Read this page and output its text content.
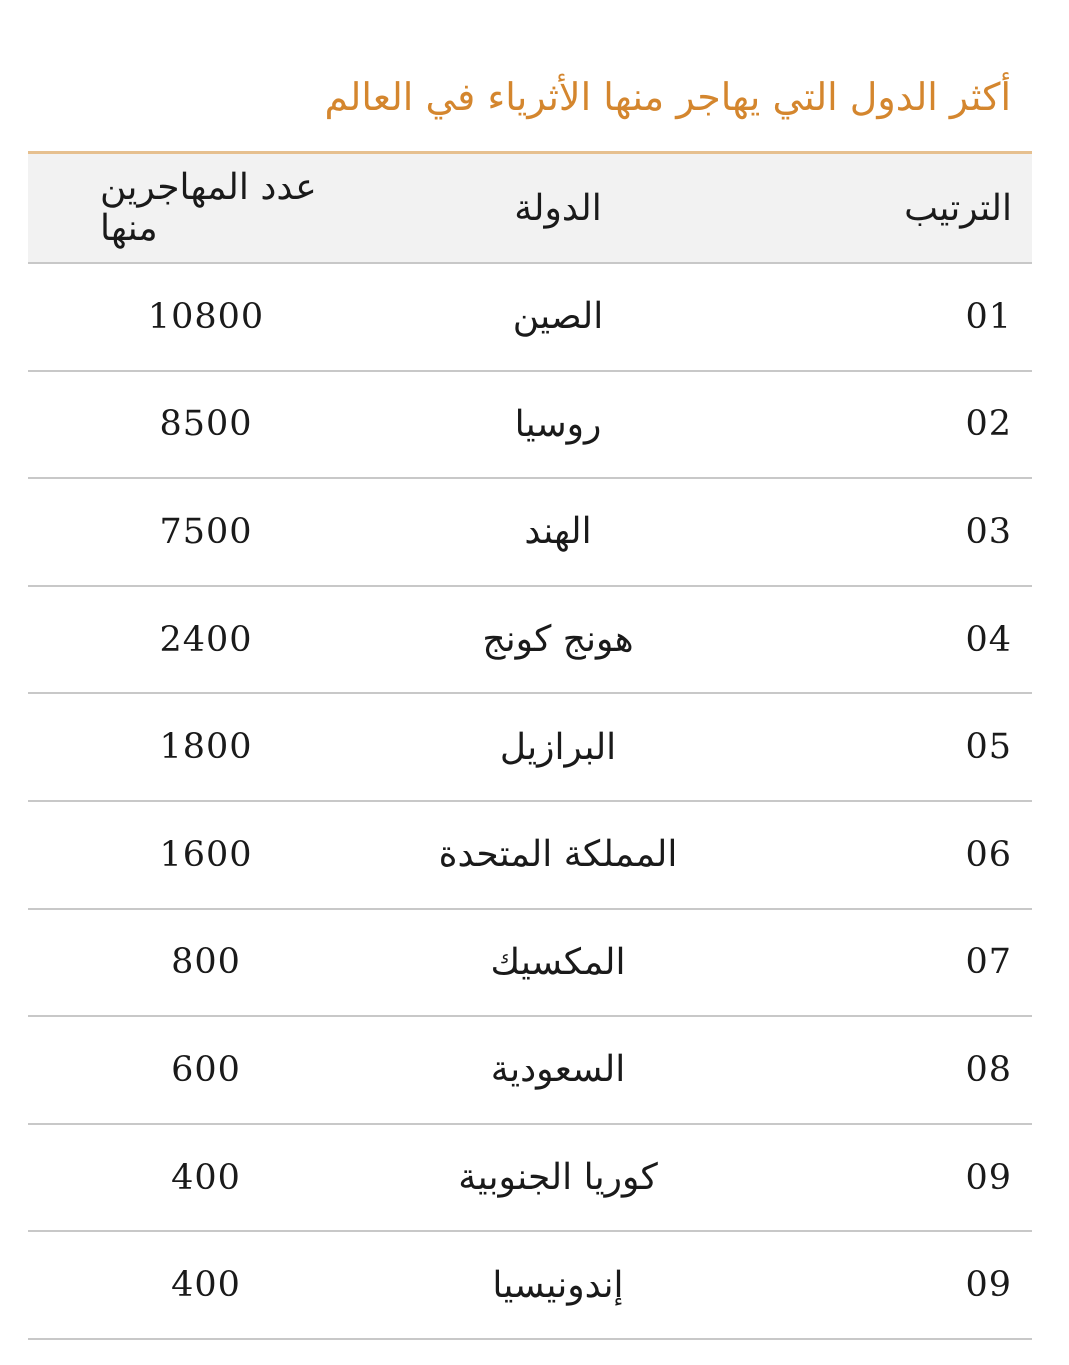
أكثر الدول التي يهاجر منها الأثرياء في العالم
الترتيب
الدولة
عدد المهاجرين منها
01
الصين
10800
02
روسيا
8500
03
الهند
7500
04
هونج كونج
2400
05
البرازيل
1800
06
المملكة المتحدة
1600
07
المكسيك
800
08
السعودية
600
09
كوريا الجنوبية
400
09
إندونيسيا
400
